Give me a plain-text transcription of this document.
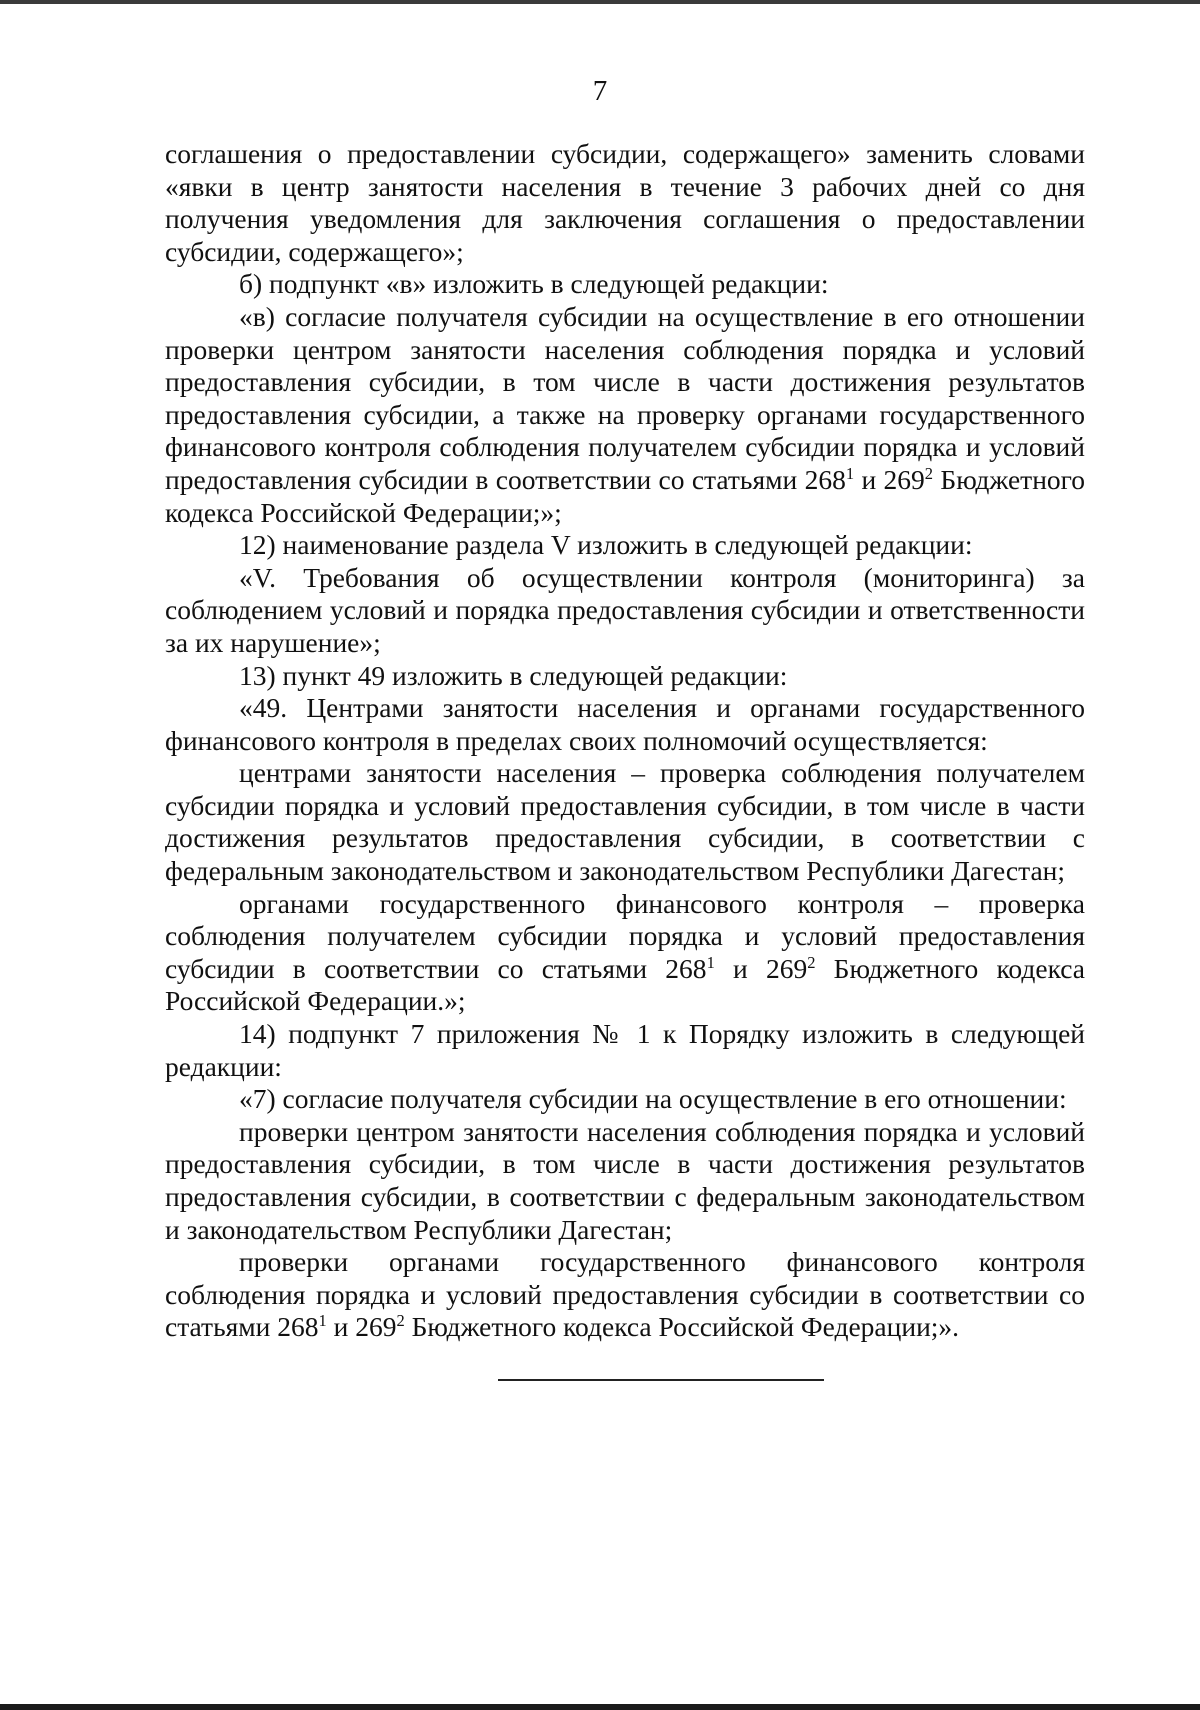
7

соглашения о предоставлении субсидии, содержащего» заменить словами «явки в центр занятости населения в течение 3 рабочих дней со дня получения уведомления для заключения соглашения о предоставлении субсидии, содержащего»;

б) подпункт «в» изложить в следующей редакции:

«в) согласие получателя субсидии на осуществление в его отношении проверки центром занятости населения соблюдения порядка и условий предоставления субсидии, в том числе в части достижения результатов предоставления субсидии, а также на проверку органами государственного финансового контроля соблюдения получателем субсидии порядка и условий предоставления субсидии в соответствии со статьями $268^1$ и $269^2$ Бюджетного кодекса Российской Федерации;»;

12) наименование раздела V изложить в следующей редакции:

«V. Требования об осуществлении контроля (мониторинга) за соблюдением условий и порядка предоставления субсидии и ответственности за их нарушение»;

13) пункт 49 изложить в следующей редакции:

«49. Центрами занятости населения и органами государственного финансового контроля в пределах своих полномочий осуществляется:

центрами занятости населения – проверка соблюдения получателем субсидии порядка и условий предоставления субсидии, в том числе в части достижения результатов предоставления субсидии, в соответствии с федеральным законодательством и законодательством Республики Дагестан;

органами государственного финансового контроля – проверка соблюдения получателем субсидии порядка и условий предоставления субсидии в соответствии со статьями $268^1$ и $269^2$ Бюджетного кодекса Российской Федерации.»;

14) подпункт 7 приложения № 1 к Порядку изложить в следующей редакции:

«7) согласие получателя субсидии на осуществление в его отношении:

проверки центром занятости населения соблюдения порядка и условий предоставления субсидии, в том числе в части достижения результатов предоставления субсидии, в соответствии с федеральным законодательством и законодательством Республики Дагестан;

проверки органами государственного финансового контроля соблюдения порядка и условий предоставления субсидии в соответствии со статьями $268^1$ и $269^2$ Бюджетного кодекса Российской Федерации;».
